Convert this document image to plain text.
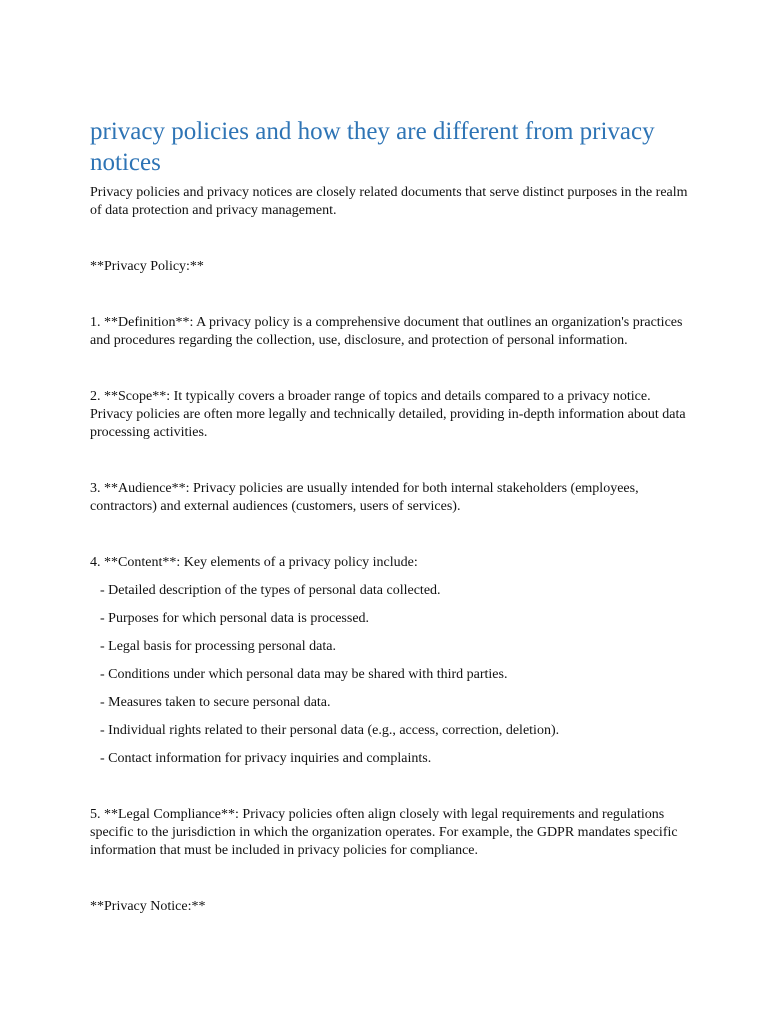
privacy policies and how they are different from privacy notices

Privacy policies and privacy notices are closely related documents that serve distinct purposes in the realm of data protection and privacy management.

**Privacy Policy:**

1. **Definition**: A privacy policy is a comprehensive document that outlines an organization's practices and procedures regarding the collection, use, disclosure, and protection of personal information.

2. **Scope**: It typically covers a broader range of topics and details compared to a privacy notice. Privacy policies are often more legally and technically detailed, providing in-depth information about data processing activities.

3. **Audience**: Privacy policies are usually intended for both internal stakeholders (employees, contractors) and external audiences (customers, users of services).

4. **Content**: Key elements of a privacy policy include:

- Detailed description of the types of personal data collected.

- Purposes for which personal data is processed.

- Legal basis for processing personal data.

- Conditions under which personal data may be shared with third parties.

- Measures taken to secure personal data.

- Individual rights related to their personal data (e.g., access, correction, deletion).

- Contact information for privacy inquiries and complaints.

5. **Legal Compliance**: Privacy policies often align closely with legal requirements and regulations specific to the jurisdiction in which the organization operates. For example, the GDPR mandates specific information that must be included in privacy policies for compliance.

**Privacy Notice:**
